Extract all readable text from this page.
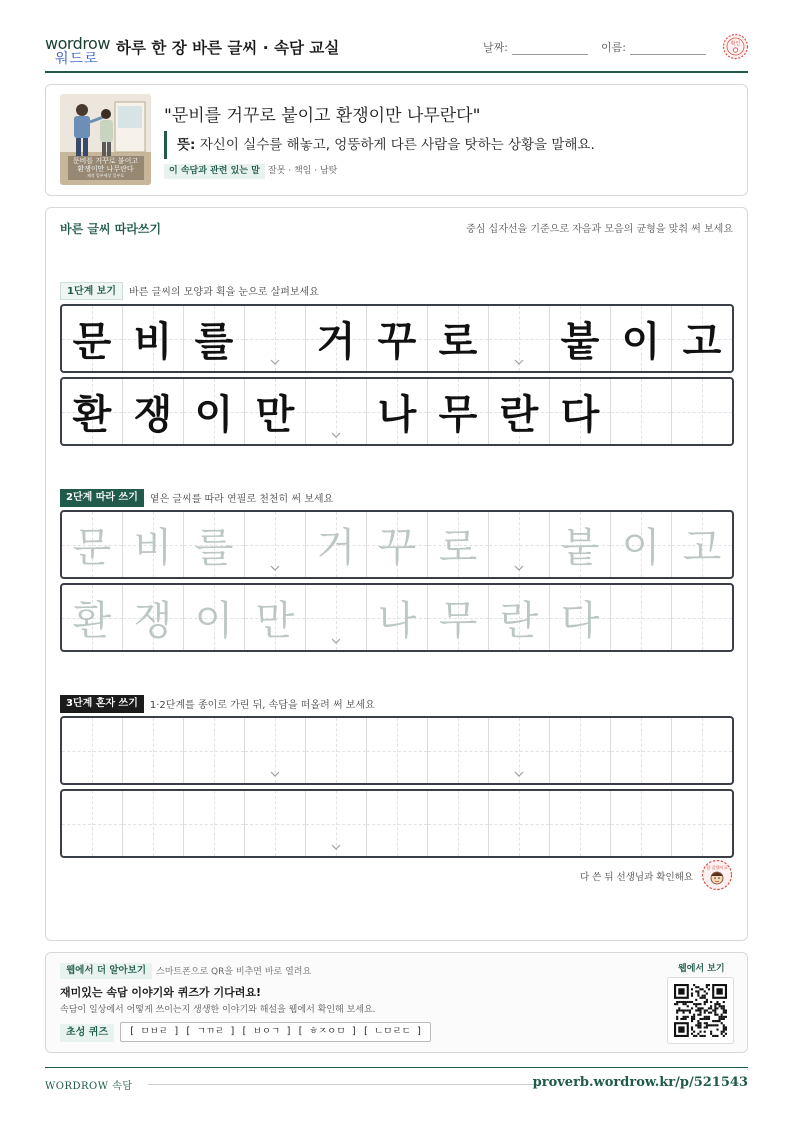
wordrow
워드로
하루 한 장 바른 글씨 · 속담 교실	날짜:	이름:	확인
문비를 거꾸로 붙이고
환쟁이만 나무란다
제작 일부세상 일부호
"문비를 거꾸로 붙이고 환쟁이만 나무란다"
뜻: 자신이 실수를 해놓고, 엉뚱하게 다른 사람을 탓하는 상황을 말해요.
이 속담과 관련 있는 말 잘못 · 책임 · 남탓
바른 글씨 따라쓰기	중심 십자선을 기준으로 자음과 모음의 균형을 맞춰 써 보세요
1단계 보기 바른 글씨의 모양과 획을 눈으로 살펴보세요
문 비 를 거 꾸 로 붙 이 고
환 쟁 이 만 나 무 란 다
2단계 따라 쓰기 옅은 글씨를 따라 연필로 천천히 써 보세요
문 비 를 거 꾸 로 붙 이 고
환 쟁 이 만 나 무 란 다
3단계 혼자 쓰기 1·2단계를 종이로 가린 뒤, 속담을 떠올려 써 보세요
다 쓴 뒤 선생님과 확인해요
참 잘했어요
웹에서 더 알아보기	스마트폰으로 QR을 비추면 바로 열려요
재미있는 속담 이야기와 퀴즈가 기다려요!
속담이 일상에서 어떻게 쓰이는지 생생한 이야기와 해설을 웹에서 확인해 보세요.
초성 퀴즈	[ ㅁㅂㄹ ] [ ㄱㄲㄹ ] [ ㅂㅇㄱ ] [ ㅎㅈㅇㅁ ] [ ㄴㅁㄹㄷ ]
웹에서 보기
WORDROW 속담	proverb.wordrow.kr/p/521543
